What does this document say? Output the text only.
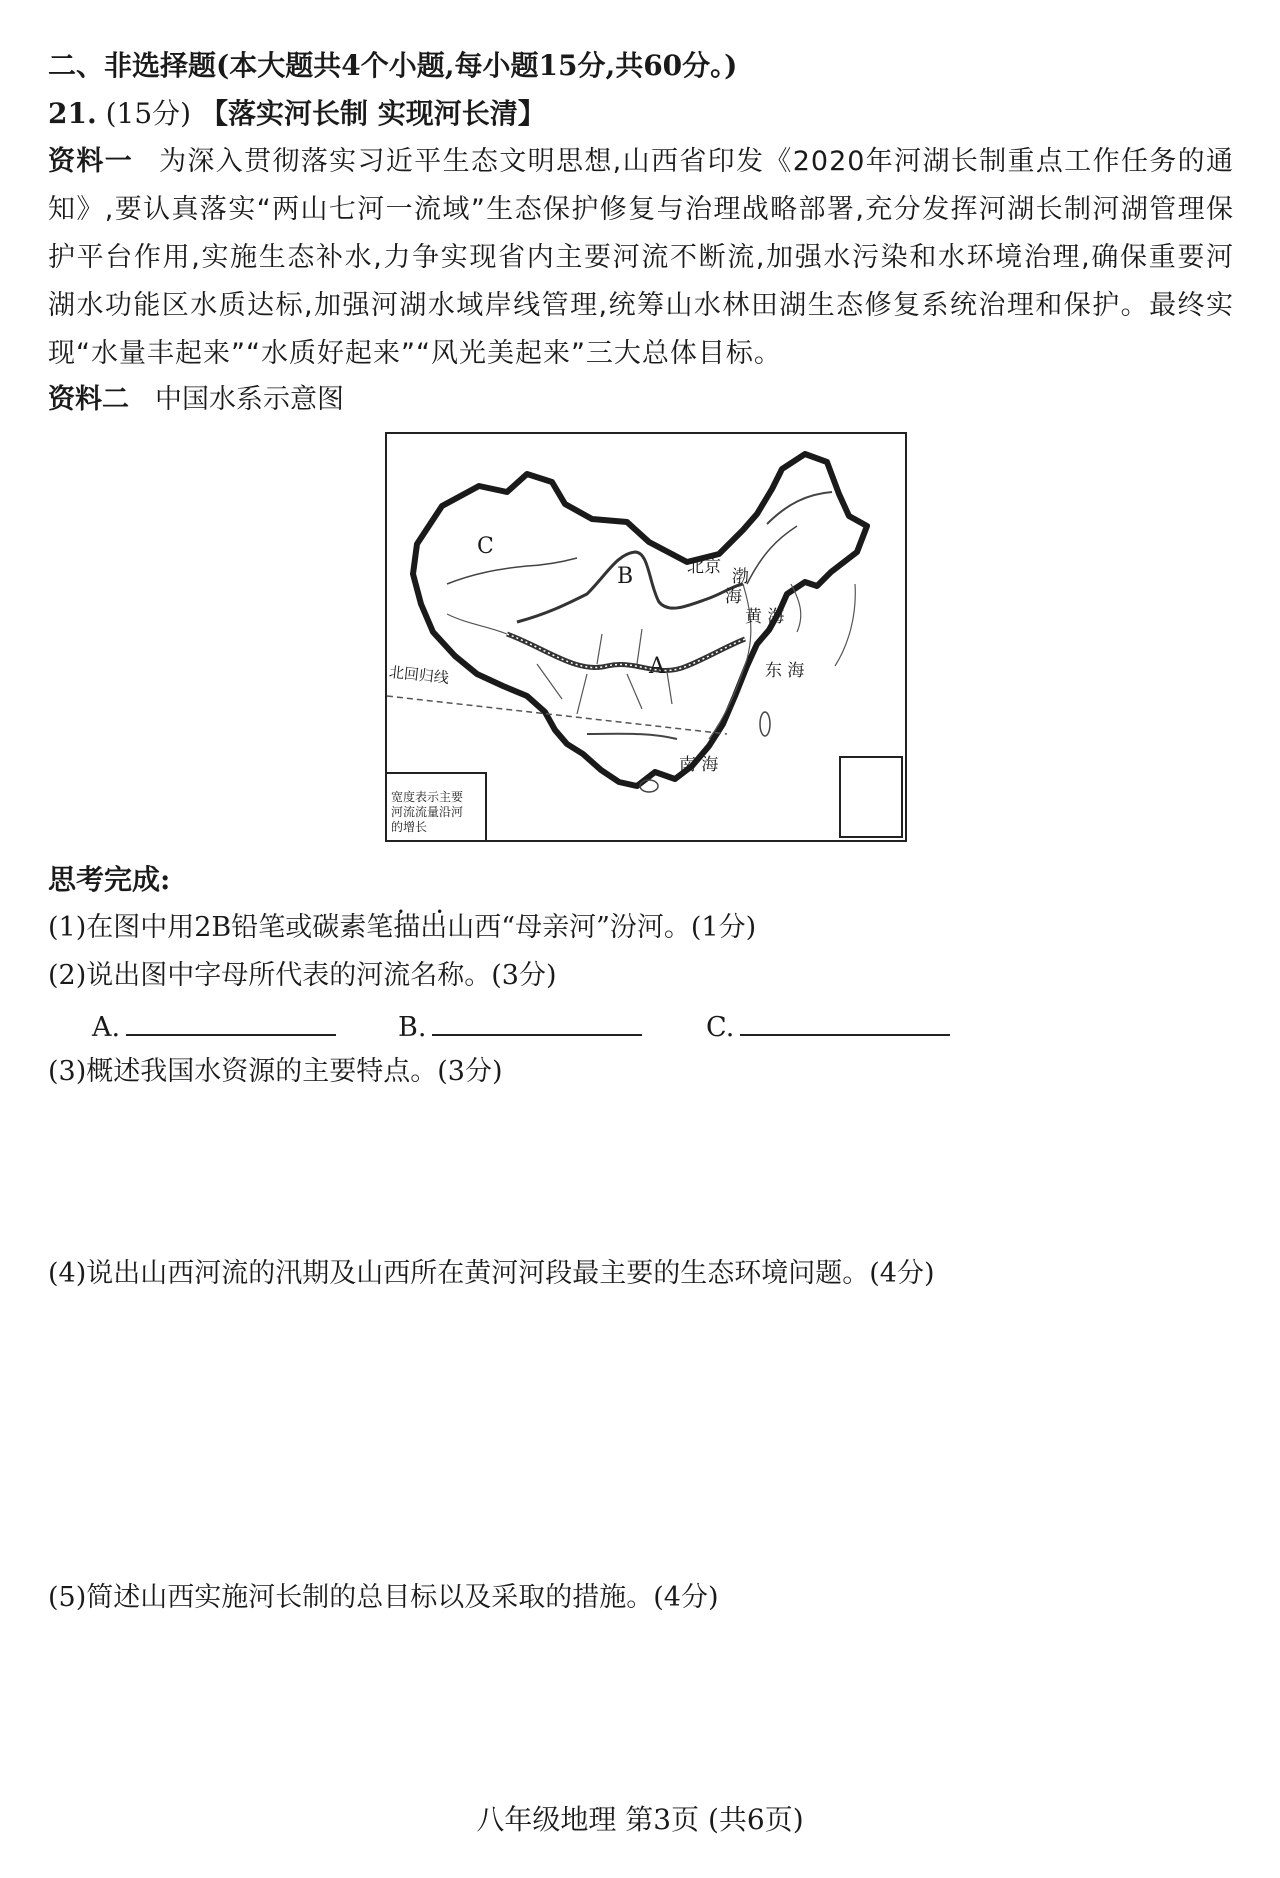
二、非选择题(本大题共4个小题,每小题15分,共60分。)
21. (15分) 【落实河长制 实现河长清】
资料一 为深入贯彻落实习近平生态文明思想,山西省印发《2020年河湖长制重点工作任务的通知》,要认真落实“两山七河一流域”生态保护修复与治理战略部署,充分发挥河湖长制河湖管理保护平台作用,实施生态补水,力争实现省内主要河流不断流,加强水污染和水环境治理,确保重要河湖水功能区水质达标,加强河湖水域岸线管理,统筹山水林田湖生态修复系统治理和保护。最终实现“水量丰起来”“水质好起来”“风光美起来”三大总体目标。
资料二 中国水系示意图
北京 渤
海
黄 海
东 海
南 海
北回归线	A
B
C
宽度表示主要
河流流量沿河
的增长
思考完成:
(1)在图中用2B铅笔或碳素笔描出 • •山西“母亲河”汾河。(1分)
(2)说出图中字母所代表的河流名称。(3分)
A.	B.	C.
(3)概述我国水资源的主要特点。(3分)
(4)说出山西河流的汛期及山西所在黄河河段最主要的生态环境问题。(4分)
(5)简述山西实施河长制的总目标以及采取的措施。(4分)
八年级地理 第3页 (共6页)
